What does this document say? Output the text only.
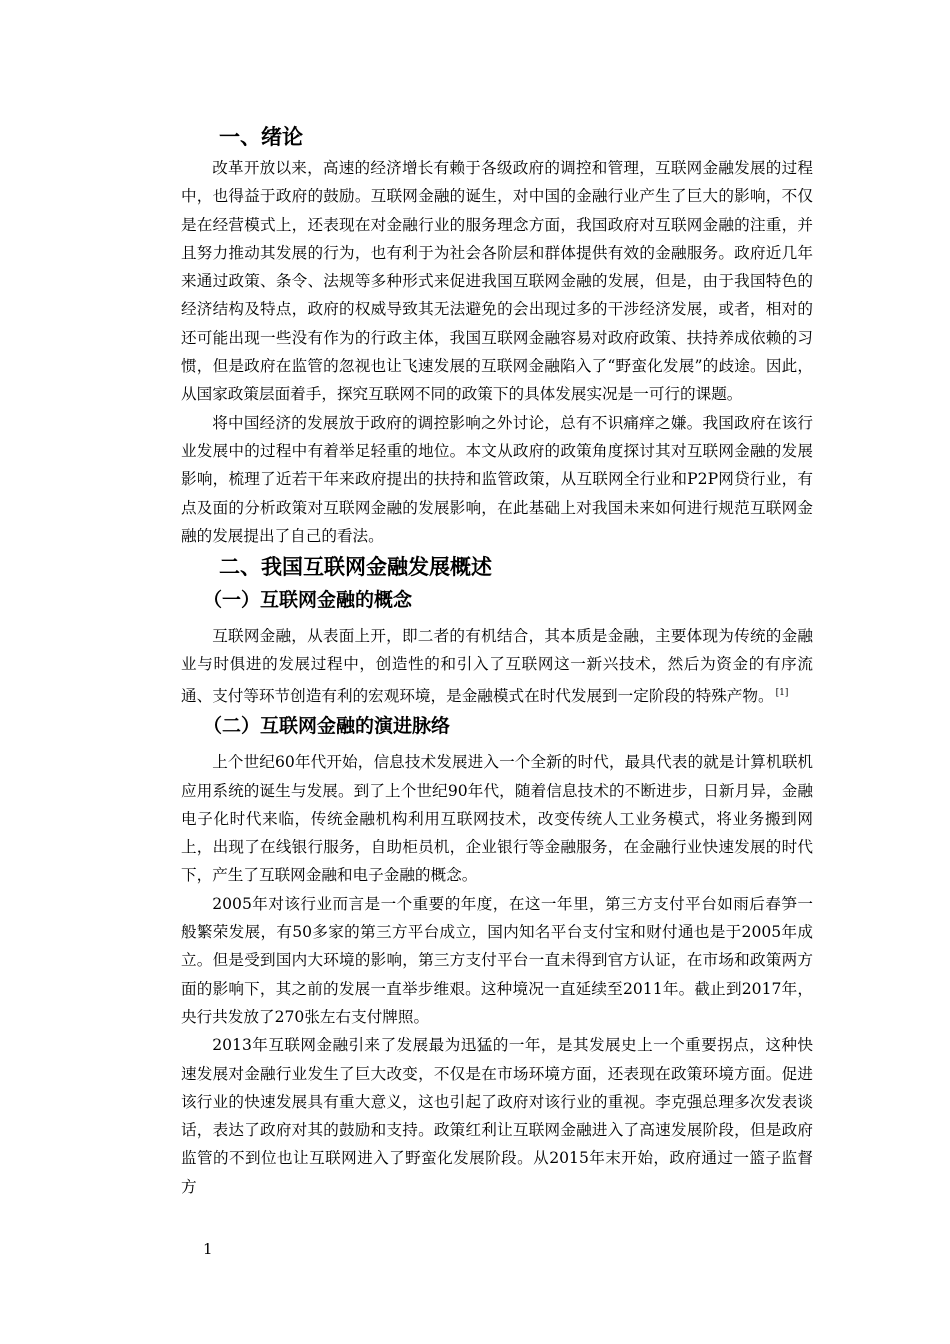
一、绪论

改革开放以来，高速的经济增长有赖于各级政府的调控和管理，互联网金融发展的过程中，也得益于政府的鼓励。互联网金融的诞生，对中国的金融行业产生了巨大的影响，不仅是在经营模式上，还表现在对金融行业的服务理念方面，我国政府对互联网金融的注重，并且努力推动其发展的行为，也有利于为社会各阶层和群体提供有效的金融服务。政府近几年来通过政策、条令、法规等多种形式来促进我国互联网金融的发展，但是，由于我国特色的经济结构及特点，政府的权威导致其无法避免的会出现过多的干涉经济发展，或者，相对的还可能出现一些没有作为的行政主体，我国互联网金融容易对政府政策、扶持养成依赖的习惯，但是政府在监管的忽视也让飞速发展的互联网金融陷入了“野蛮化发展”的歧途。因此，从国家政策层面着手，探究互联网不同的政策下的具体发展实况是一可行的课题。

将中国经济的发展放于政府的调控影响之外讨论，总有不识痛痒之嫌。我国政府在该行业发展中的过程中有着举足轻重的地位。本文从政府的政策角度探讨其对互联网金融的发展影响，梳理了近若干年来政府提出的扶持和监管政策，从互联网全行业和P2P网贷行业，有点及面的分析政策对互联网金融的发展影响，在此基础上对我国未来如何进行规范互联网金融的发展提出了自己的看法。

二、我国互联网金融发展概述
（一）互联网金融的概念

互联网金融，从表面上开，即二者的有机结合，其本质是金融，主要体现为传统的金融业与时俱进的发展过程中，创造性的和引入了互联网这一新兴技术，然后为资金的有序流通、支付等环节创造有利的宏观环境，是金融模式在时代发展到一定阶段的特殊产物。 [1]

（二）互联网金融的演进脉络

上个世纪60年代开始，信息技术发展进入一个全新的时代，最具代表的就是计算机联机应用系统的诞生与发展。到了上个世纪90年代，随着信息技术的不断进步，日新月异，金融电子化时代来临，传统金融机构利用互联网技术，改变传统人工业务模式，将业务搬到网上，出现了在线银行服务，自助柜员机，企业银行等金融服务，在金融行业快速发展的时代下，产生了互联网金融和电子金融的概念。

2005年对该行业而言是一个重要的年度，在这一年里，第三方支付平台如雨后春笋一般繁荣发展，有50多家的第三方平台成立，国内知名平台支付宝和财付通也是于2005年成立。但是受到国内大环境的影响，第三方支付平台一直未得到官方认证，在市场和政策两方面的影响下，其之前的发展一直举步维艰。这种境况一直延续至2011年。截止到2017年，央行共发放了270张左右支付牌照。

2013年互联网金融引来了发展最为迅猛的一年，是其发展史上一个重要拐点，这种快速发展对金融行业发生了巨大改变，不仅是在市场环境方面，还表现在政策环境方面。促进该行业的快速发展具有重大意义，这也引起了政府对该行业的重视。李克强总理多次发表谈话，表达了政府对其的鼓励和支持。政策红利让互联网金融进入了高速发展阶段，但是政府监管的不到位也让互联网进入了野蛮化发展阶段。从2015年末开始，政府通过一篮子监督方

1
